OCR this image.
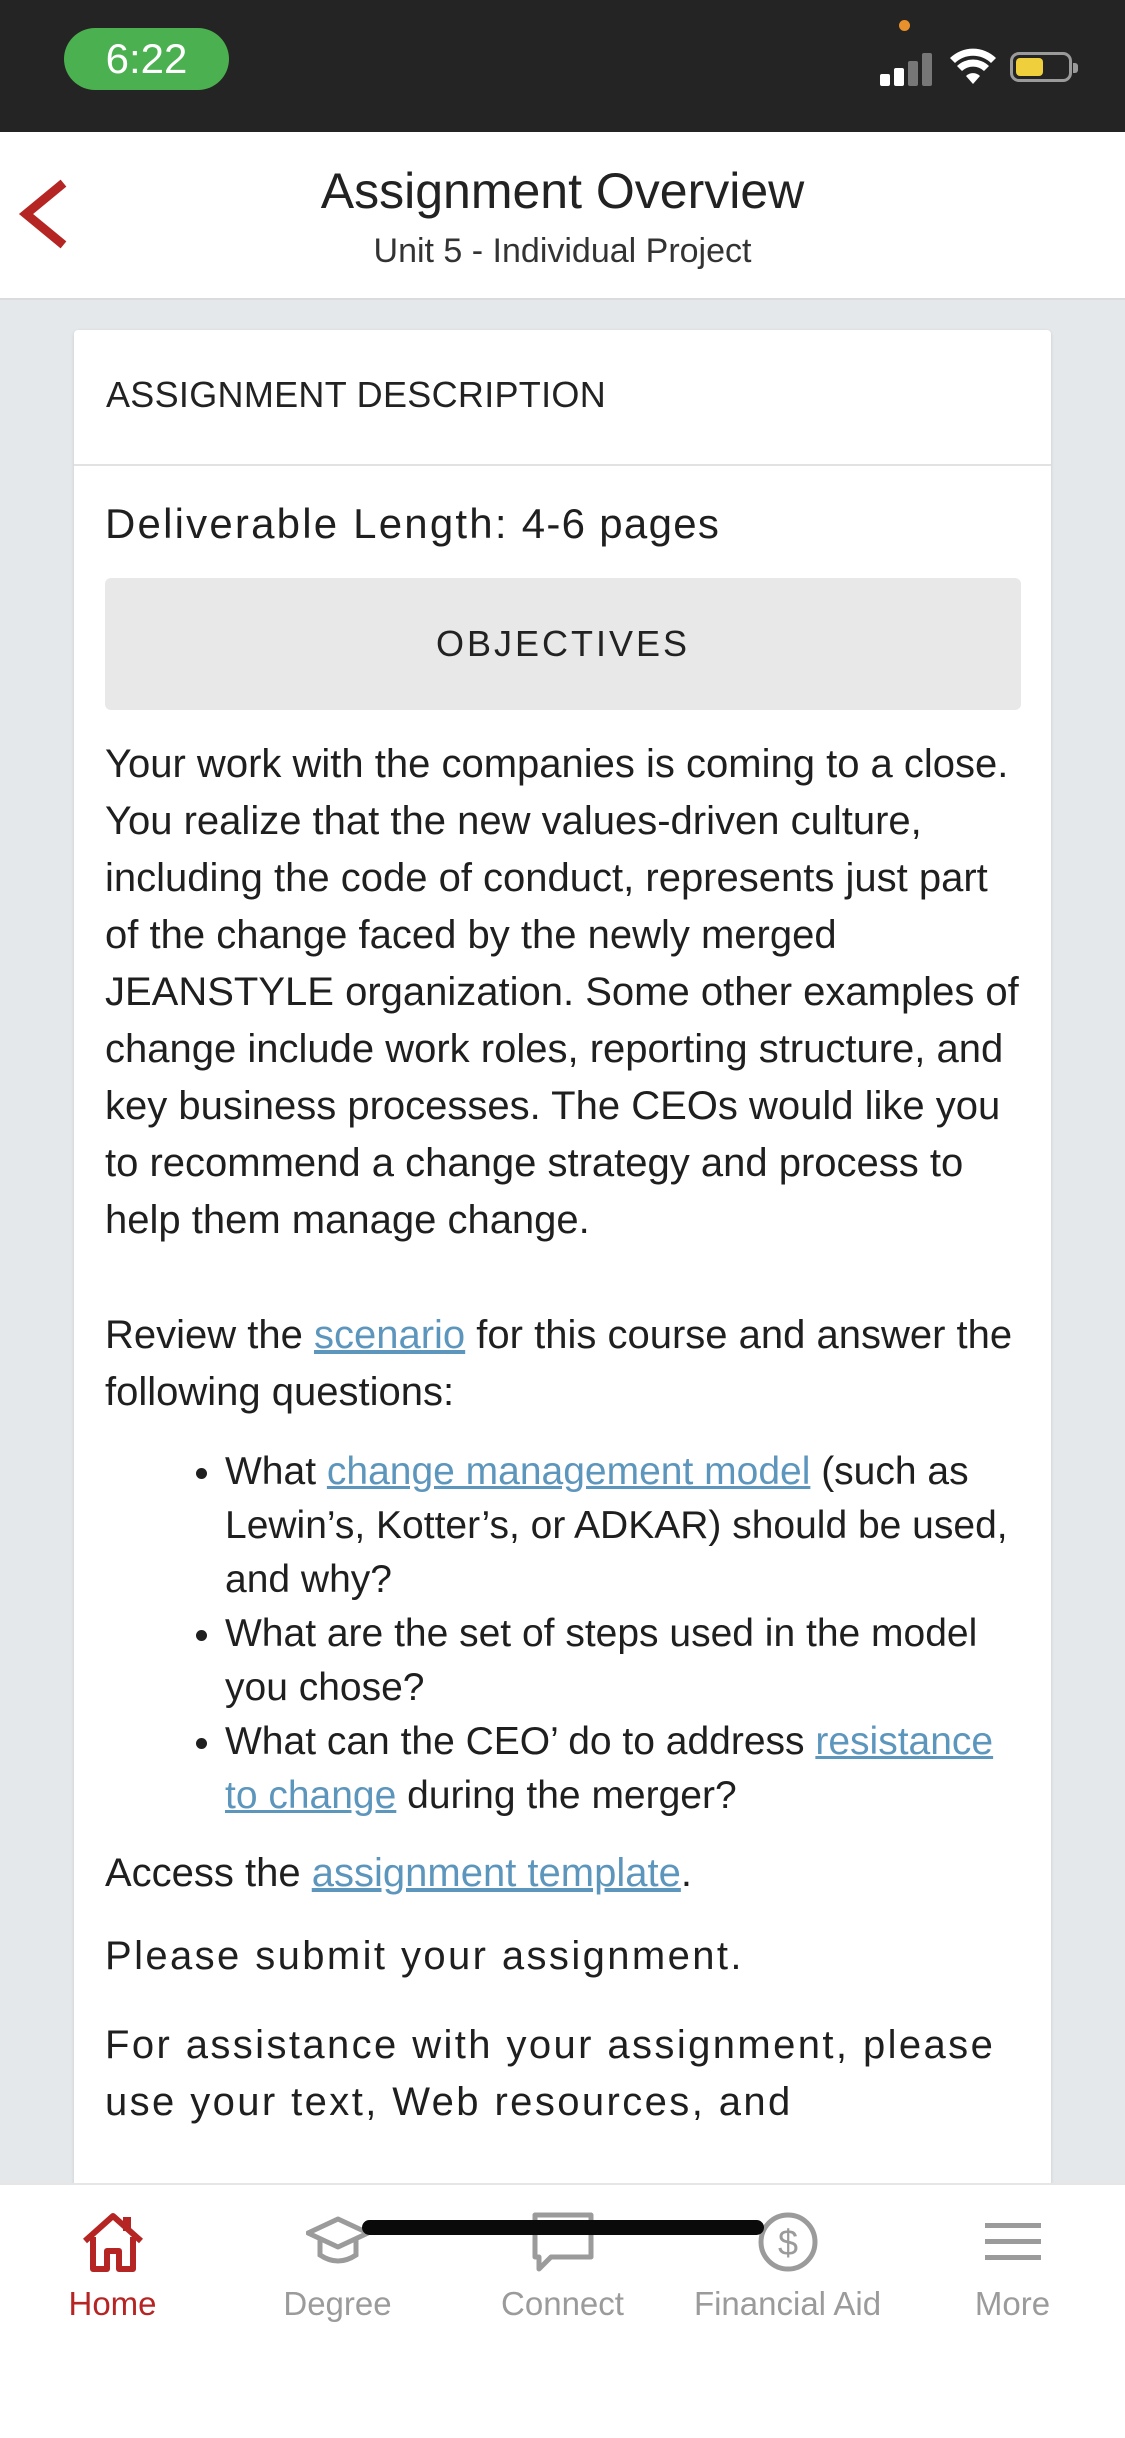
6:22
Assignment Overview
Unit 5 - Individual Project
ASSIGNMENT DESCRIPTION
Deliverable Length: 4-6 pages
OBJECTIVES
Your work with the companies is coming to a close. You realize that the new values-driven culture, including the code of conduct, represents just part of the change faced by the newly merged JEANSTYLE organization. Some other examples of change include work roles, reporting structure, and key business processes. The CEOs would like you to recommend a change strategy and process to help them manage change.
Review the scenario for this course and answer the following questions:
• What change management model (such as Lewin’s, Kotter’s, or ADKAR) should be used, and why?
• What are the set of steps used in the model you chose?
• What can the CEO’ do to address resistance to change during the merger?
Access the assignment template.
Please submit your assignment.
For assistance with your assignment, please use your text, Web resources, and
Home	Degree	Connect
$
Financial Aid	More
